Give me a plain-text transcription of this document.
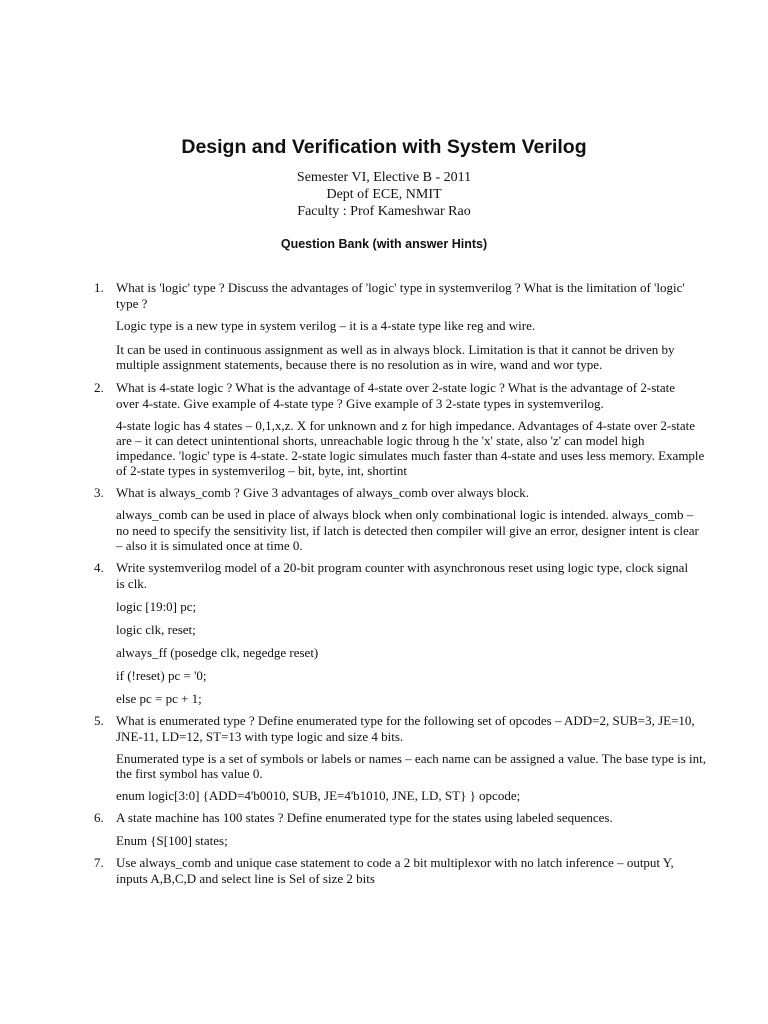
Design and Verification with System Verilog
Semester VI, Elective B - 2011
Dept of ECE, NMIT
Faculty : Prof Kameshwar Rao
Question Bank (with answer Hints)
1. What is 'logic' type ? Discuss the advantages of 'logic' type in systemverilog ? What is the limitation of 'logic' type ?
Logic type is a new type in system verilog – it is a 4-state type like reg and wire.
It can be used in continuous assignment as well as in always block. Limitation is that it cannot be driven by multiple assignment statements, because there is no resolution as in wire, wand and wor type.
2. What is 4-state logic ? What is the advantage of 4-state over 2-state logic ? What is the advantage of 2-state over 4-state. Give example of 4-state type ? Give example of 3 2-state types in systemverilog.
4-state logic has 4 states – 0,1,x,z. X for unknown and z for high impedance. Advantages of 4-state over 2-state are – it can detect unintentional shorts, unreachable logic throug h the 'x' state, also 'z' can model high impedance. 'logic' type is 4-state. 2-state logic simulates much faster than 4-state and uses less memory. Example of 2-state types in systemverilog – bit, byte, int, shortint
3. What is always_comb ? Give 3 advantages of always_comb over always block.
always_comb can be used in place of always block when only combinational logic is intended. always_comb – no need to specify the sensitivity list, if latch is detected then compiler will give an error, designer intent is clear – also it is simulated once at time 0.
4. Write systemverilog model of a 20-bit program counter with asynchronous reset using logic type, clock signal is clk.
logic [19:0] pc;
logic clk, reset;
always_ff (posedge clk, negedge reset)
if (!reset) pc = '0;
else pc = pc + 1;
5. What is enumerated type ? Define enumerated type for the following set of opcodes – ADD=2, SUB=3, JE=10, JNE-11, LD=12, ST=13 with type logic and size 4 bits.
Enumerated type is a set of symbols or labels or names – each name can be assigned a value. The base type is int, the first symbol has value 0.
enum logic[3:0] {ADD=4'b0010, SUB, JE=4'b1010, JNE, LD, ST} } opcode;
6. A state machine has 100 states ? Define enumerated type for the states using labeled sequences.
Enum {S[100] states;
7. Use always_comb and unique case statement to code a 2 bit multiplexor with no latch inference – output Y, inputs A,B,C,D and select line is Sel of size 2 bits
